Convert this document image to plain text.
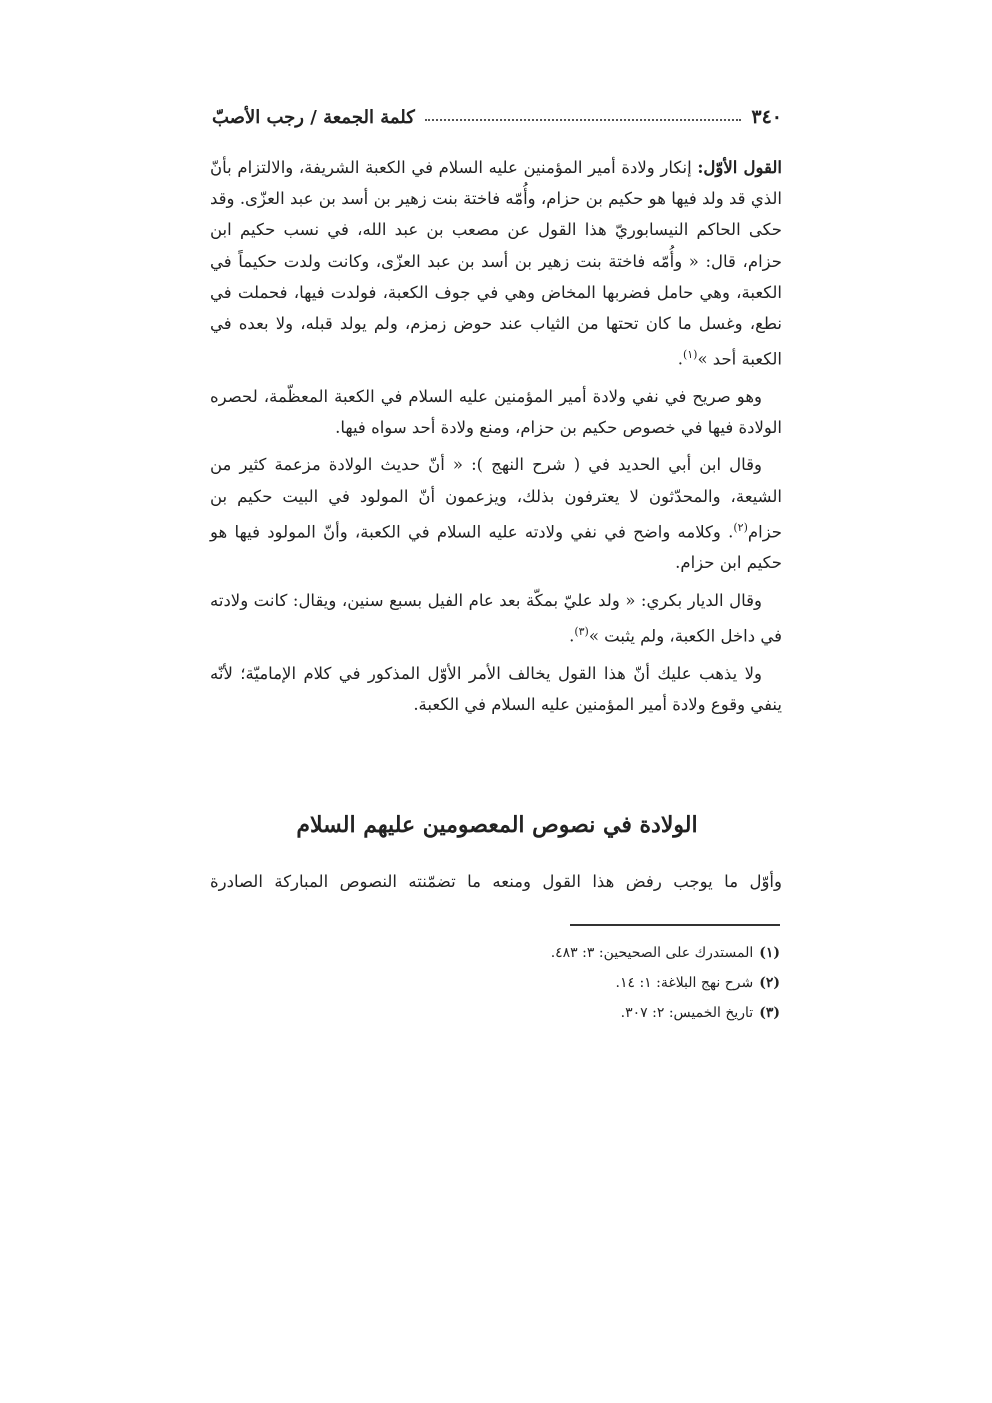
٣٤٠
كلمة الجمعة / رجب الأصبّ

القول الأوّل: إنكار ولادة أمير المؤمنين عليه السلام في الكعبة الشريفة، والالتزام بأنّ الذي قد ولد فيها هو حكيم بن حزام، وأُمّه فاختة بنت زهير بن أسد بن عبد العزّى. وقد حكى الحاكم النيسابوريّ هذا القول عن مصعب بن عبد الله، في نسب حكيم ابن حزام، قال: « وأُمّه فاختة بنت زهير بن أسد بن عبد العزّى، وكانت ولدت حكيماً في الكعبة، وهي حامل فضربها المخاض وهي في جوف الكعبة، فولدت فيها، فحملت في نطع، وغسل ما كان تحتها من الثياب عند حوض زمزم، ولم يولد قبله، ولا بعده في الكعبة أحد »$^{(١)}$.

وهو صريح في نفي ولادة أمير المؤمنين عليه السلام في الكعبة المعظّمة، لحصره الولادة فيها في خصوص حكيم بن حزام، ومنع ولادة أحد سواه فيها.

وقال ابن أبي الحديد في ( شرح النهج ): « أنّ حديث الولادة مزعمة كثير من الشيعة، والمحدّثون لا يعترفون بذلك، ويزعمون أنّ المولود في البيت حكيم بن حزام$^{(٢)}$. وكلامه واضح في نفي ولادته عليه السلام في الكعبة، وأنّ المولود فيها هو حكيم ابن حزام.

وقال الديار بكري: « ولد عليّ بمكّة بعد عام الفيل بسبع سنين، ويقال: كانت ولادته في داخل الكعبة، ولم يثبت »$^{(٣)}$.

ولا يذهب عليك أنّ هذا القول يخالف الأمر الأوّل المذكور في كلام الإماميّة؛ لأنّه ينفي وقوع ولادة أمير المؤمنين عليه السلام في الكعبة.

الولادة في نصوص المعصومين عليهم السلام
وأوّل ما يوجب رفض هذا القول ومنعه ما تضمّنته النصوص المباركة الصادرة
(١)المستدرك على الصحيحين: ٣: ٤٨٣.
(٢)شرح نهج البلاغة: ١: ١٤.
(٣)تاريخ الخميس: ٢: ٣٠٧.
